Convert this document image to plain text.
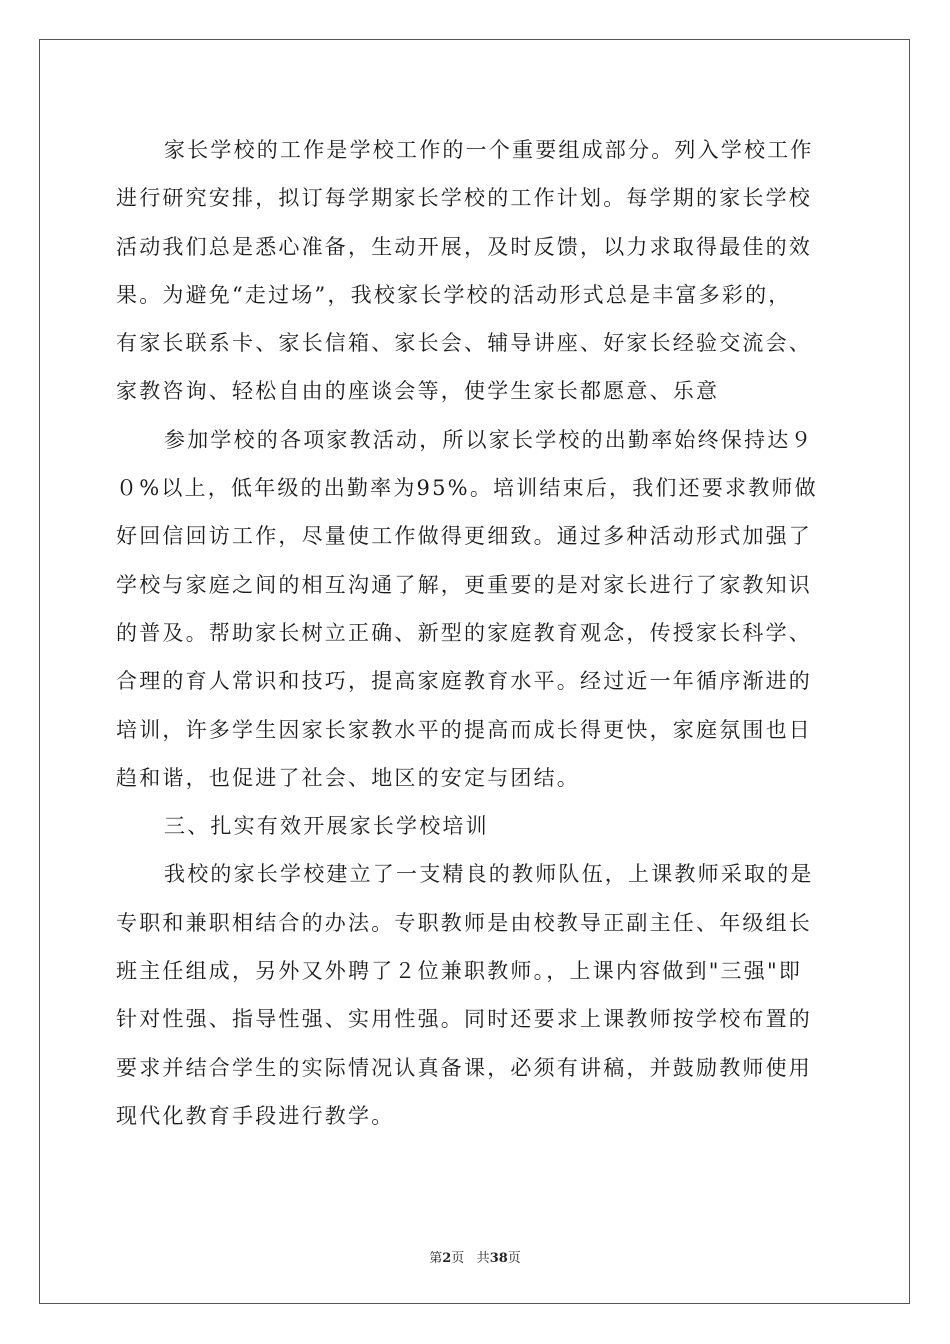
家长学校的工作是学校工作的一个重要组成部分。列入学校工作
进行研究安排，拟订每学期家长学校的工作计划。每学期的家长学校
活动我们总是悉心准备，生动开展，及时反馈，以力求取得最佳的效
果。为避免“走过场”，我校家长学校的活动形式总是丰富多彩的，
有家长联系卡、家长信箱、家长会、辅导讲座、好家长经验交流会、
家教咨询、轻松自由的座谈会等，使学生家长都愿意、乐意
参加学校的各项家教活动，所以家长学校的出勤率始终保持达９
０%以上，低年级的出勤率为95%。培训结束后，我们还要求教师做
好回信回访工作，尽量使工作做得更细致。通过多种活动形式加强了
学校与家庭之间的相互沟通了解，更重要的是对家长进行了家教知识
的普及。帮助家长树立正确、新型的家庭教育观念，传授家长科学、
合理的育人常识和技巧，提高家庭教育水平。经过近一年循序渐进的
培训，许多学生因家长家教水平的提高而成长得更快，家庭氛围也日
趋和谐，也促进了社会、地区的安定与团结。
三、扎实有效开展家长学校培训
我校的家长学校建立了一支精良的教师队伍，上课教师采取的是
专职和兼职相结合的办法。专职教师是由校教导正副主任、年级组长
班主任组成，另外又外聘了２位兼职教师。，上课内容做到"三强"即
针对性强、指导性强、实用性强。同时还要求上课教师按学校布置的
要求并结合学生的实际情况认真备课，必须有讲稿，并鼓励教师使用
现代化教育手段进行教学。
第2页 共38页
